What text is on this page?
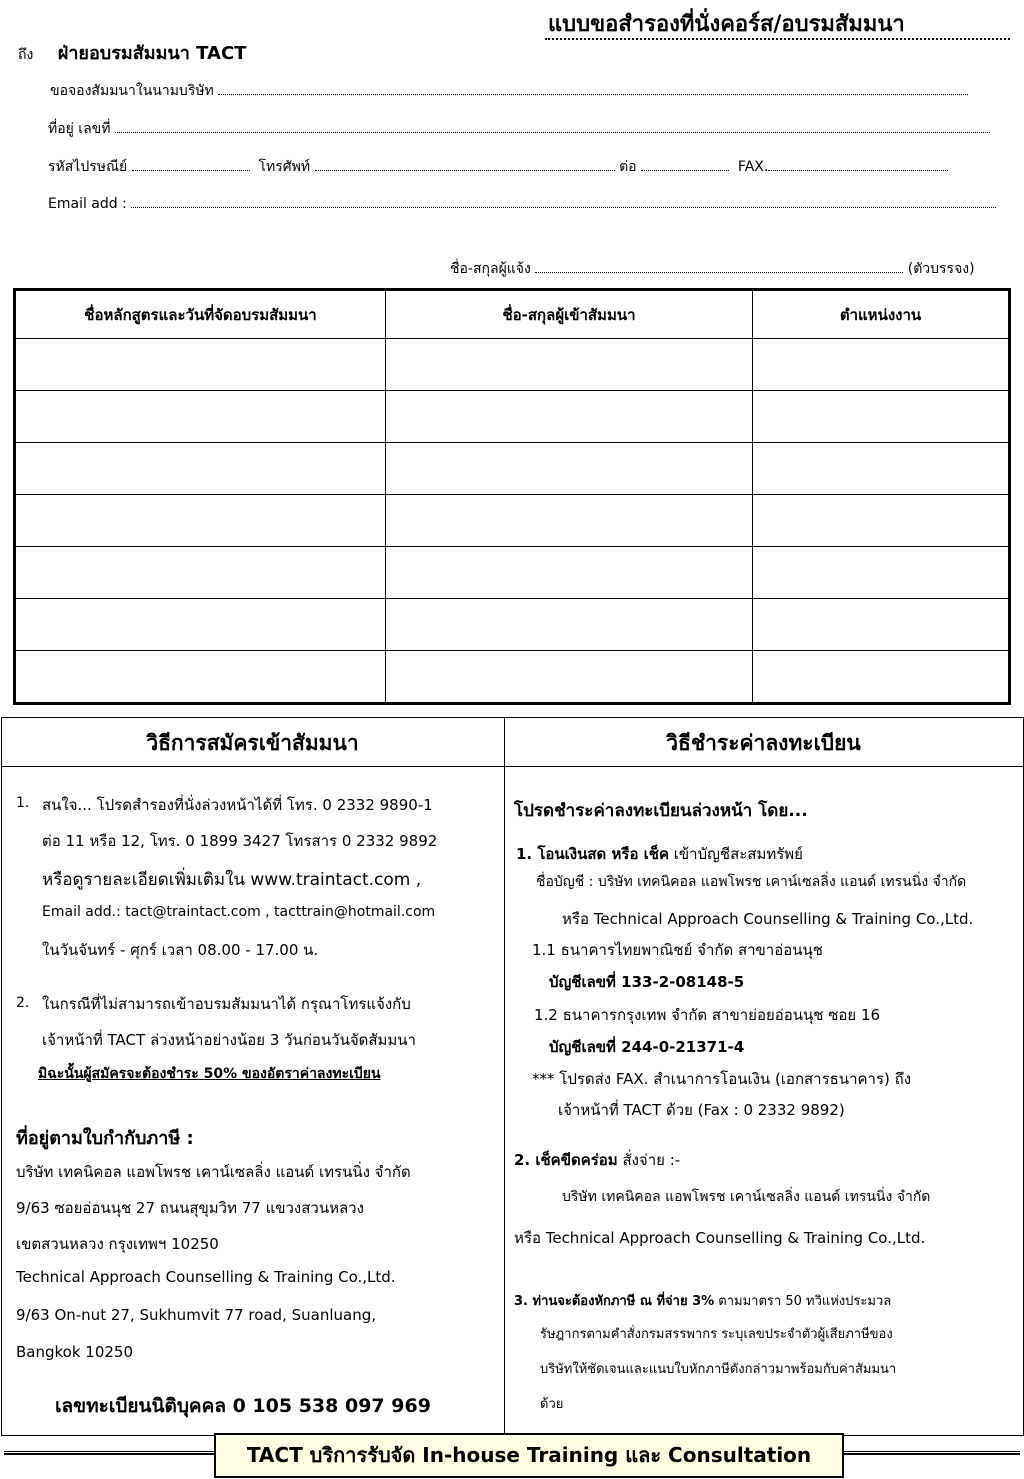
แบบขอสำรองที่นั่งคอร์ส/อบรมสัมมนา
ถึง ฝ่ายอบรมสัมมนา TACT
ขอจองสัมมนาในนามบริษัท
ที่อยู่ เลขที่
รหัสไปรษณีย์	โทรศัพท์	ต่อ	FAX.
Email add :
ชื่อ-สกุลผู้แจ้ง	(ตัวบรรจง)
ชื่อหลักสูตรและวันที่จัดอบรมสัมมนา	ชื่อ-สกุลผู้เข้าสัมมนา	ตำแหน่งงาน

วิธีการสมัครเข้าสัมมนา	วิธีชำระค่าลงทะเบียน
1. สนใจ... โปรดสำรองที่นั่งล่วงหน้าได้ที่ โทร. 0 2332 9890-1
ต่อ 11 หรือ 12, โทร. 0 1899 3427 โทรสาร 0 2332 9892
หรือดูรายละเอียดเพิ่มเติมใน www.traintact.com ,
Email add.: tact@traintact.com , tacttrain@hotmail.com
ในวันจันทร์ - ศุกร์ เวลา 08.00 - 17.00 น.
2. ในกรณีที่ไม่สามารถเข้าอบรมสัมมนาได้ กรุณาโทรแจ้งกับ
เจ้าหน้าที่ TACT ล่วงหน้าอย่างน้อย 3 วันก่อนวันจัดสัมมนา
มิฉะนั้นผู้สมัครจะต้องชำระ 50% ของอัตราค่าลงทะเบียน
ที่อยู่ตามใบกำกับภาษี :
บริษัท เทคนิคอล แอพโพรช เคาน์เซลลิ่ง แอนด์ เทรนนิ่ง จำกัด
9/63 ซอยอ่อนนุช 27 ถนนสุขุมวิท 77 แขวงสวนหลวง
เขตสวนหลวง กรุงเทพฯ 10250
Technical Approach Counselling & Training Co.,Ltd.
9/63 On-nut 27, Sukhumvit 77 road, Suanluang,
Bangkok 10250
เลขทะเบียนนิติบุคคล 0 105 538 097 969
โปรดชำระค่าลงทะเบียนล่วงหน้า โดย...
1. โอนเงินสด หรือ เช็ค เข้าบัญชีสะสมทรัพย์
ชื่อบัญชี : บริษัท เทคนิคอล แอพโพรช เคาน์เซลลิ่ง แอนด์ เทรนนิ่ง จำกัด
หรือ Technical Approach Counselling & Training Co.,Ltd.
1.1 ธนาคารไทยพาณิชย์ จำกัด สาขาอ่อนนุช
บัญชีเลขที่ 133-2-08148-5
1.2 ธนาคารกรุงเทพ จำกัด สาขาย่อยอ่อนนุช ซอย 16
บัญชีเลขที่ 244-0-21371-4
*** โปรดส่ง FAX. สำเนาการโอนเงิน (เอกสารธนาคาร) ถึง
เจ้าหน้าที่ TACT ด้วย (Fax : 0 2332 9892)
2. เช็คขีดคร่อม สั่งจ่าย :-
บริษัท เทคนิคอล แอพโพรช เคาน์เซลลิ่ง แอนด์ เทรนนิ่ง จำกัด
หรือ Technical Approach Counselling & Training Co.,Ltd.
3. ท่านจะต้องหักภาษี ณ ที่จ่าย 3% ตามมาตรา 50 ทวิแห่งประมวล
รัษฎากรตามคำสั่งกรมสรรพากร ระบุเลขประจำตัวผู้เสียภาษีของ
บริษัทให้ชัดเจนและแนบใบหักภาษีดังกล่าวมาพร้อมกับค่าสัมมนา
ด้วย
TACT บริการรับจัด In-house Training และ Consultation
